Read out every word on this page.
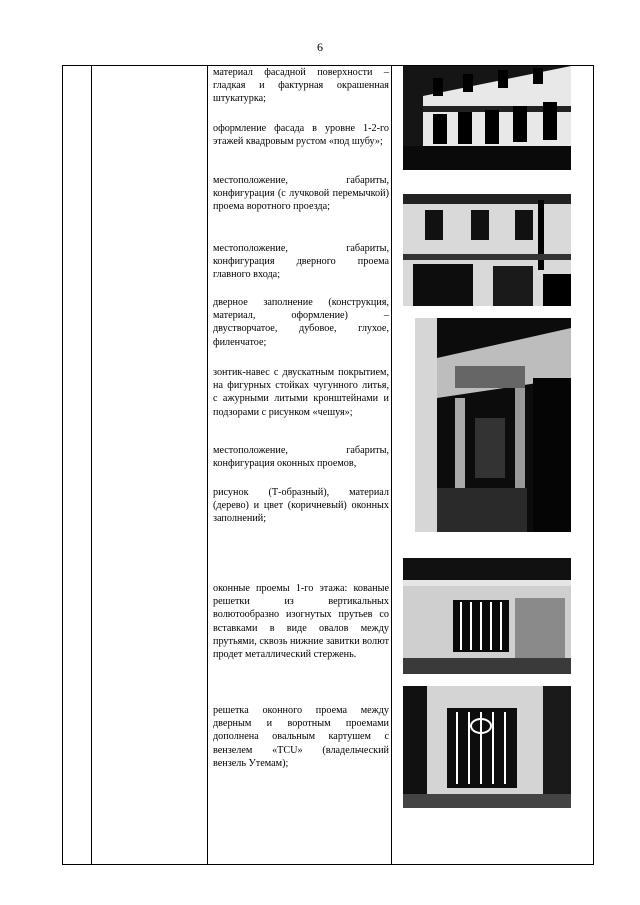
6
материал фасадной поверхности – гладкая и фактурная окрашенная штукатурка;
оформление фасада в уровне 1-2-го этажей квадровым рустом «под шубу»;
местоположение, габариты, конфигурация (с лучковой перемычкой) проема воротного проезда;
местоположение, габариты, конфигурация дверного проема главного входа;
дверное заполнение (конструкция, материал, оформление) – двустворчатое, дубовое, глухое, филенчатое;
зонтик-навес с двускатным покрытием, на фигурных стойках чугунного литья, с ажурными литыми кронштейнами и подзорами с рисунком «чешуя»;
местоположение, габариты, конфигурация оконных проемов,
рисунок (Т-образный), материал (дерево) и цвет (коричневый) оконных заполнений;
оконные проемы 1-го этажа: кованые решетки из вертикальных волютообразно изогнутых прутьев со вставками в виде овалов между прутьями, сквозь нижние завитки волют продет металлический стержень.
решетка оконного проема между дверным и воротным проемами дополнена овальным картушем с вензелем «TCU» (владельческий вензель Утемам);
